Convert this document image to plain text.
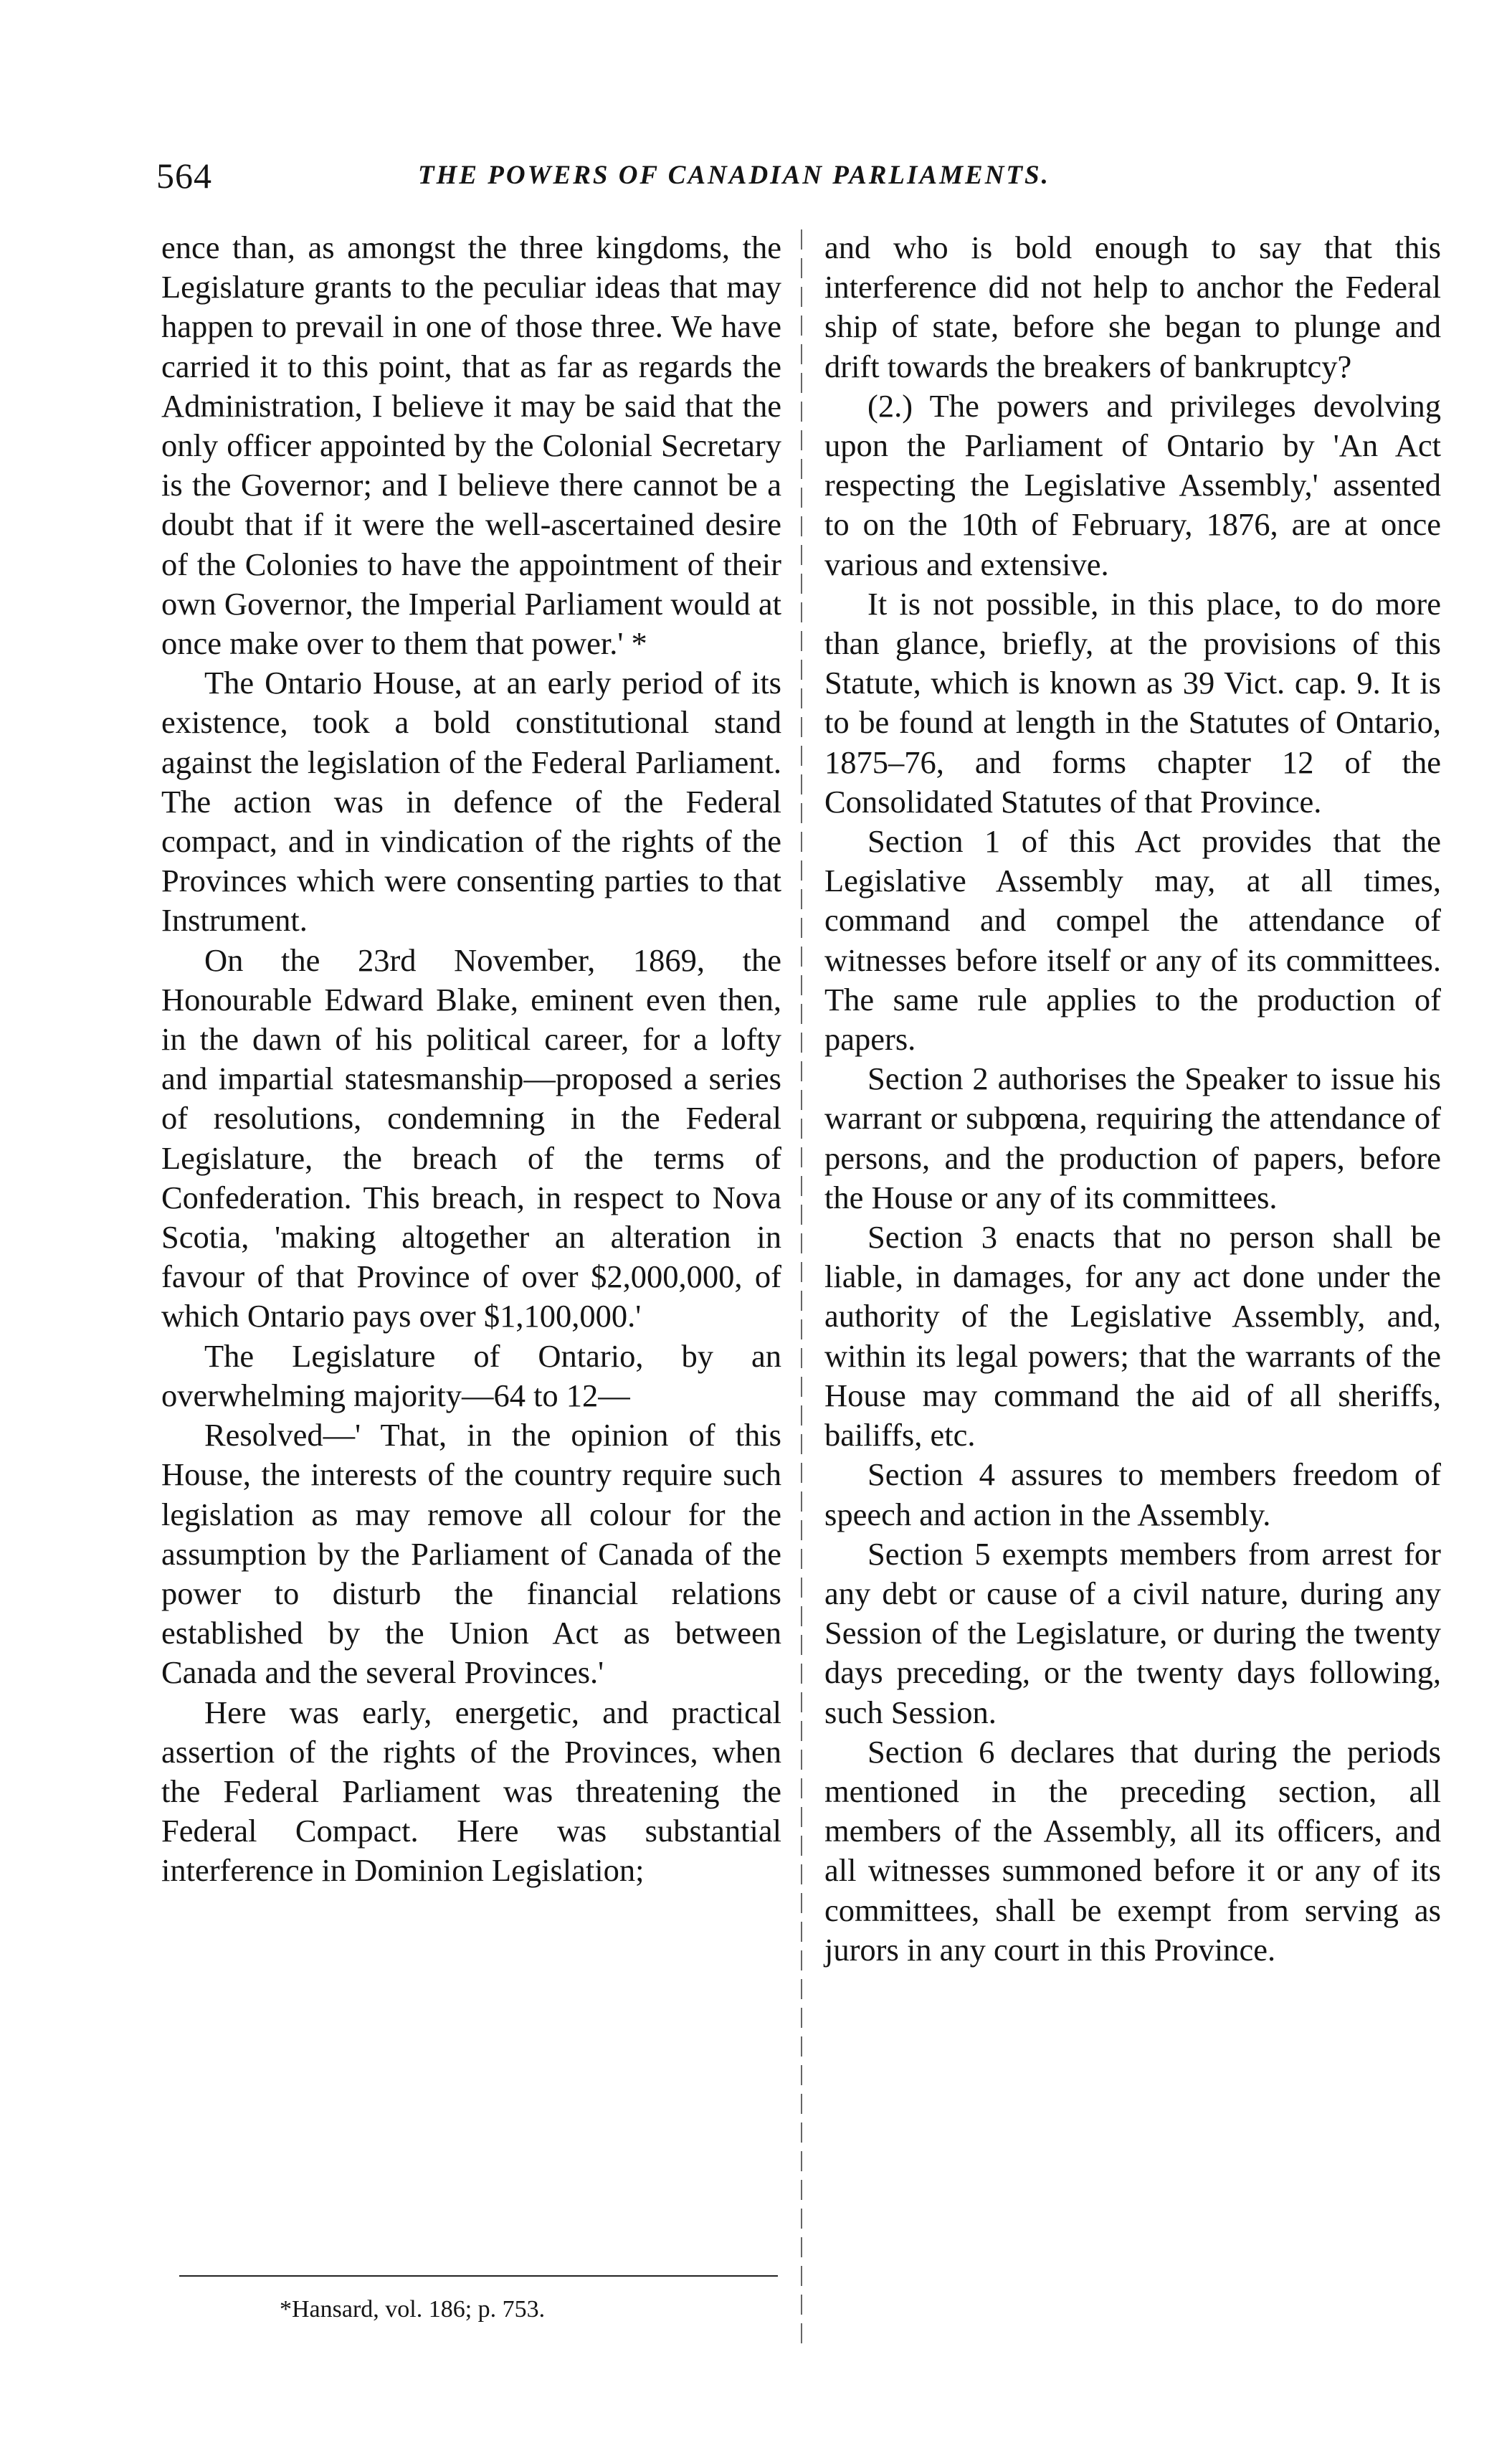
564	THE POWERS OF CANADIAN PARLIAMENTS.

ence than, as amongst the three kingdoms, the Legislature grants to the peculiar ideas that may happen to prevail in one of those three. We have carried it to this point, that as far as regards the Administration, I believe it may be said that the only officer appointed by the Colonial Secretary is the Governor; and I believe there cannot be a doubt that if it were the well-ascertained desire of the Colonies to have the appointment of their own Governor, the Imperial Parliament would at once make over to them that power.' *

The Ontario House, at an early period of its existence, took a bold constitutional stand against the legislation of the Federal Parliament. The action was in defence of the Federal compact, and in vindication of the rights of the Provinces which were consenting parties to that Instrument.

On the 23rd November, 1869, the Honourable Edward Blake, eminent even then, in the dawn of his political career, for a lofty and impartial statesmanship—proposed a series of resolutions, condemning in the Federal Legislature, the breach of the terms of Confederation. This breach, in respect to Nova Scotia, 'making altogether an alteration in favour of that Province of over $2,000,000, of which Ontario pays over $1,100,000.'

The Legislature of Ontario, by an overwhelming majority—64 to 12—

Resolved—' That, in the opinion of this House, the interests of the country require such legislation as may remove all colour for the assumption by the Parliament of Canada of the power to disturb the financial relations established by the Union Act as between Canada and the several Provinces.'

Here was early, energetic, and practical assertion of the rights of the Provinces, when the Federal Parliament was threatening the Federal Compact. Here was substantial interference in Dominion Legislation;

and who is bold enough to say that this interference did not help to anchor the Federal ship of state, before she began to plunge and drift towards the breakers of bankruptcy?

(2.) The powers and privileges devolving upon the Parliament of Ontario by 'An Act respecting the Legislative Assembly,' assented to on the 10th of February, 1876, are at once various and extensive.

It is not possible, in this place, to do more than glance, briefly, at the provisions of this Statute, which is known as 39 Vict. cap. 9. It is to be found at length in the Statutes of Ontario, 1875–76, and forms chapter 12 of the Consolidated Statutes of that Province.

Section 1 of this Act provides that the Legislative Assembly may, at all times, command and compel the attendance of witnesses before itself or any of its committees. The same rule applies to the production of papers.

Section 2 authorises the Speaker to issue his warrant or subpœna, requiring the attendance of persons, and the production of papers, before the House or any of its committees.

Section 3 enacts that no person shall be liable, in damages, for any act done under the authority of the Legislative Assembly, and, within its legal powers; that the warrants of the House may command the aid of all sheriffs, bailiffs, etc.

Section 4 assures to members freedom of speech and action in the Assembly.

Section 5 exempts members from arrest for any debt or cause of a civil nature, during any Session of the Legislature, or during the twenty days preceding, or the twenty days following, such Session.

Section 6 declares that during the periods mentioned in the preceding section, all members of the Assembly, all its officers, and all witnesses summoned before it or any of its committees, shall be exempt from serving as jurors in any court in this Province.

*Hansard, vol. 186; p. 753.
